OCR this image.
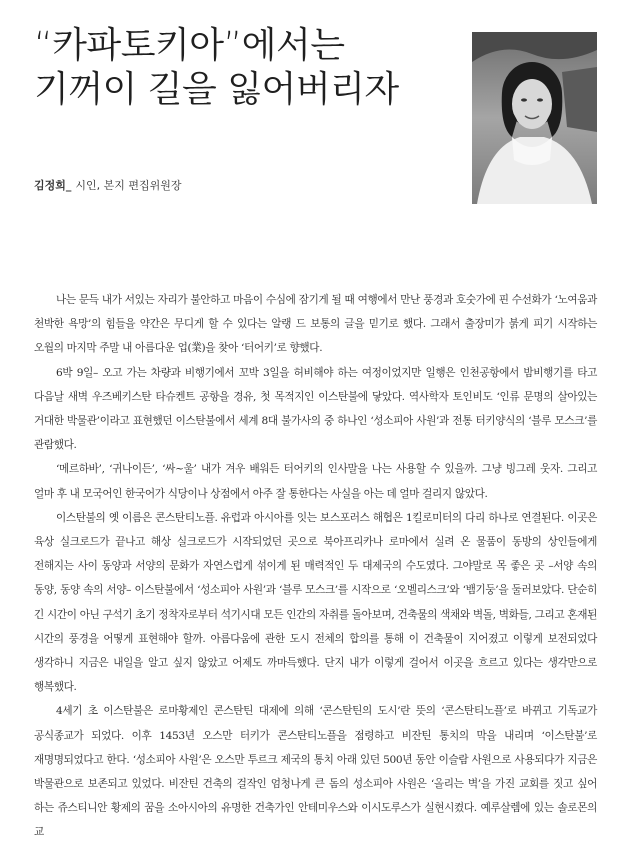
“카파토키아”에서는
기꺼이 길을 잃어버리자

김정희_ 시인, 본지 편집위원장

나는 문득 내가 서있는 자리가 불안하고 마음이 수심에 잠기게 될 때 여행에서 만난 풍경과 호숫가에 핀 수선화가 ‘노여움과 천박한 욕망’의 힘들을 약간은 무디게 할 수 있다는 알랭 드 보통의 글을 믿기로 했다. 그래서 출장미가 붉게 피기 시작하는 오월의 마지막 주말 내 아름다운 업(業)을 찾아 ‘터어키’로 향했다.

6박 9일– 오고 가는 차량과 비행기에서 꼬박 3일을 허비해야 하는 여정이었지만 일행은 인천공항에서 밤비행기를 타고 다음날 새벽 우즈베키스탄 타슈켄트 공항을 경유, 첫 목적지인 이스탄불에 닿았다. 역사학자 토인비도 ‘인류 문명의 살아있는 거대한 박물관’이라고 표현했던 이스탄불에서 세계 8대 불가사의 중 하나인 ‘성소피아 사원’과 전통 터키양식의 ‘블루 모스크’를 관람했다.

‘메르하바’, ‘귀나이든’, ‘싸~울’ 내가 겨우 배워든 터어키의 인사말을 나는 사용할 수 있을까. 그냥 빙그레 웃자. 그리고 얼마 후 내 모국어인 한국어가 식당이나 상점에서 아주 잘 통한다는 사실을 아는 데 얼마 걸리지 않았다.

이스탄불의 옛 이름은 콘스탄티노플. 유럽과 아시아를 잇는 보스포러스 해협은 1킬로미터의 다리 하나로 연결된다. 이곳은 육상 실크로드가 끝나고 해상 실크로드가 시작되었던 곳으로 북아프리카나 로마에서 실려 온 물품이 동방의 상인들에게 전해지는 사이 동양과 서양의 문화가 자연스럽게 섞이게 된 매력적인 두 대제국의 수도였다. 그야말로 목 좋은 곳 –서양 속의 동양, 동양 속의 서양– 이스탄불에서 ‘성소피아 사원’과 ‘블루 모스크’를 시작으로 ‘오벨리스크’와 ‘뱀기둥’을 둘러보았다. 단순히 긴 시간이 아닌 구석기 초기 정착자로부터 석기시대 모든 인간의 자취를 돌아보며, 건축물의 색채와 벽돌, 벽화들, 그리고 혼재된 시간의 풍경을 어떻게 표현해야 할까. 아름다움에 관한 도시 전체의 합의를 통해 이 건축물이 지어졌고 이렇게 보전되었다 생각하니 지금은 내일을 알고 싶지 않았고 어제도 까마득했다. 단지 내가 이렇게 걸어서 이곳을 흐르고 있다는 생각만으로 행복했다.

4세기 초 이스탄불은 로마황제인 콘스탄틴 대제에 의해 ‘콘스탄틴의 도시’란 뜻의 ‘콘스탄티노플’로 바뀌고 기독교가 공식종교가 되었다. 이후 1453년 오스만 터키가 콘스탄티노플을 점령하고 비잔틴 통치의 막을 내리며 ‘이스탄불’로 재명명되었다고 한다. ‘성소피아 사원’은 오스만 투르크 제국의 통치 아래 있던 500년 동안 이슬람 사원으로 사용되다가 지금은 박물관으로 보존되고 있었다. 비잔틴 건축의 걸작인 엄청나게 큰 돔의 성소피아 사원은 ‘올리는 벽’을 가진 교회를 짓고 싶어 하는 쥬스티니안 황제의 꿈을 소아시아의 유명한 건축가인 안테미우스와 이시도루스가 실현시켰다. 예루살렘에 있는 솔로몬의 교
